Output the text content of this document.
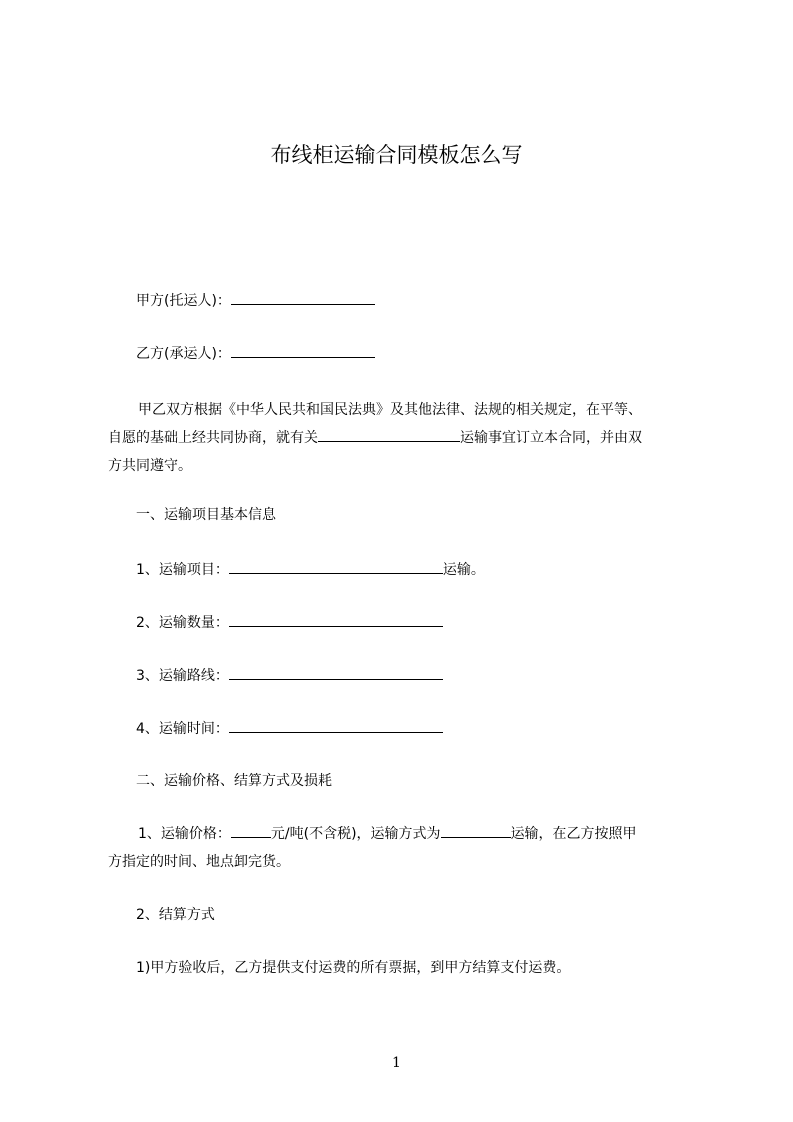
布线柜运输合同模板怎么写
甲方(托运人)：
乙方(承运人)：
甲乙双方根据《中华人民共和国民法典》及其他法律、法规的相关规定，在平等、
自愿的基础上经共同协商，就有关	运输事宜订立本合同，并由双
方共同遵守。
一、运输项目基本信息
1、运输项目：	运输。
2、运输数量：
3、运输路线：
4、运输时间：
二、运输价格、结算方式及损耗
1、运输价格：	元/吨(不含税)，运输方式为	运输，在乙方按照甲
方指定的时间、地点卸完货。
2、结算方式
1)甲方验收后，乙方提供支付运费的所有票据，到甲方结算支付运费。
1
